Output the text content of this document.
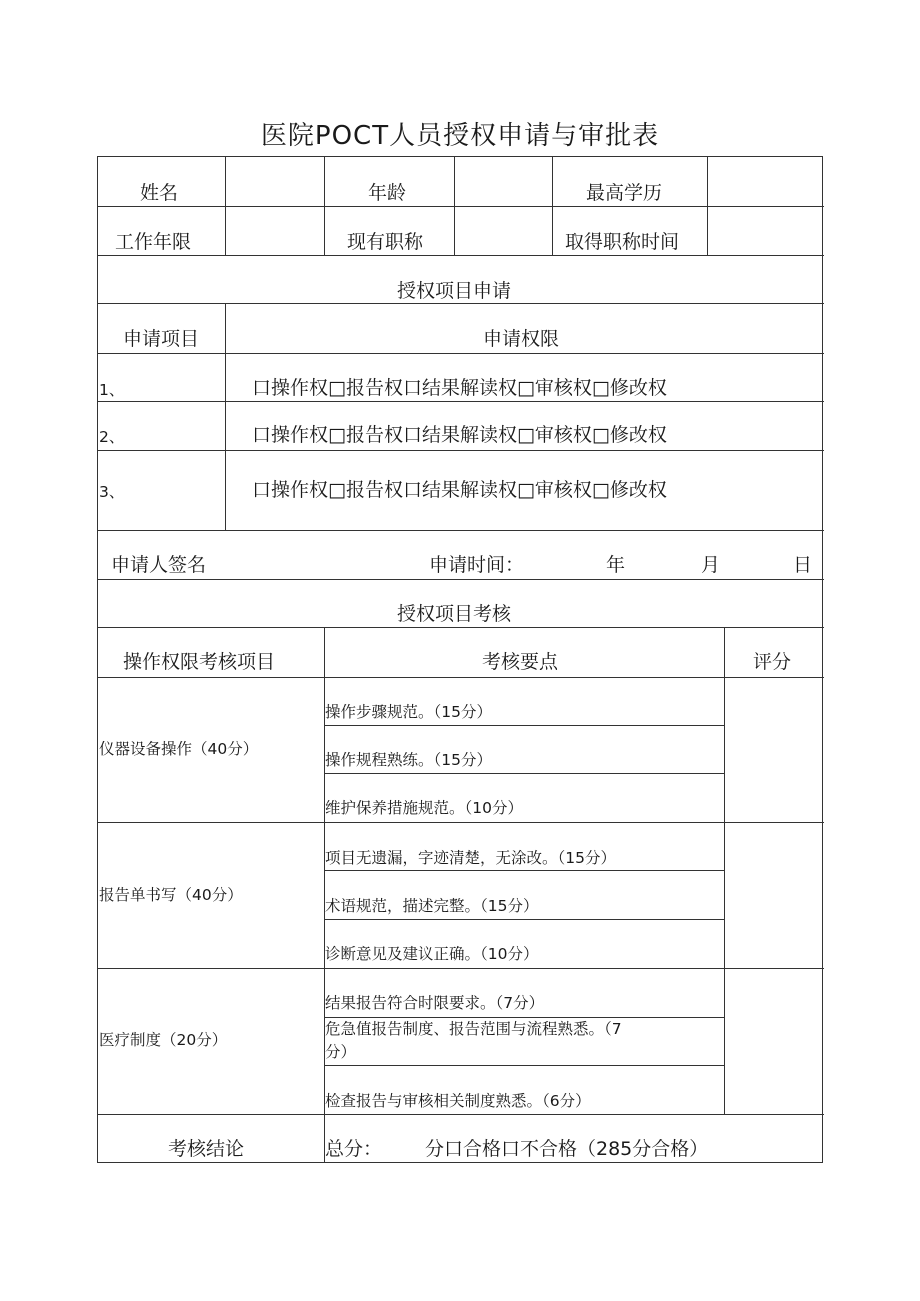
医院POCT人员授权申请与审批表
姓名	年龄	最高学历
工作年限	现有职称	取得职称时间
授权项目申请
申请项目	申请权限
1、	口操作权□报告权口结果解读权□审核权□修改权
2、	口操作权□报告权口结果解读权□审核权□修改权
3、	口操作权□报告权口结果解读权□审核权□修改权
申请人签名	申请时间：	年	月	日
授权项目考核
操作权限考核项目	考核要点	评分
仪器设备操作（40分）
操作步骤规范。（15分）
操作规程熟练。（15分）
维护保养措施规范。（10分）
报告单书写（40分）
项目无遗漏，字迹清楚，无涂改。（15分）
术语规范，描述完整。（15分）
诊断意见及建议正确。（10分）
医疗制度（20分）
结果报告符合时限要求。（7分）
危急值报告制度、报告范围与流程熟悉。（7
分）
检查报告与审核相关制度熟悉。（6分）
考核结论	总分： 分口合格口不合格（285分合格）
